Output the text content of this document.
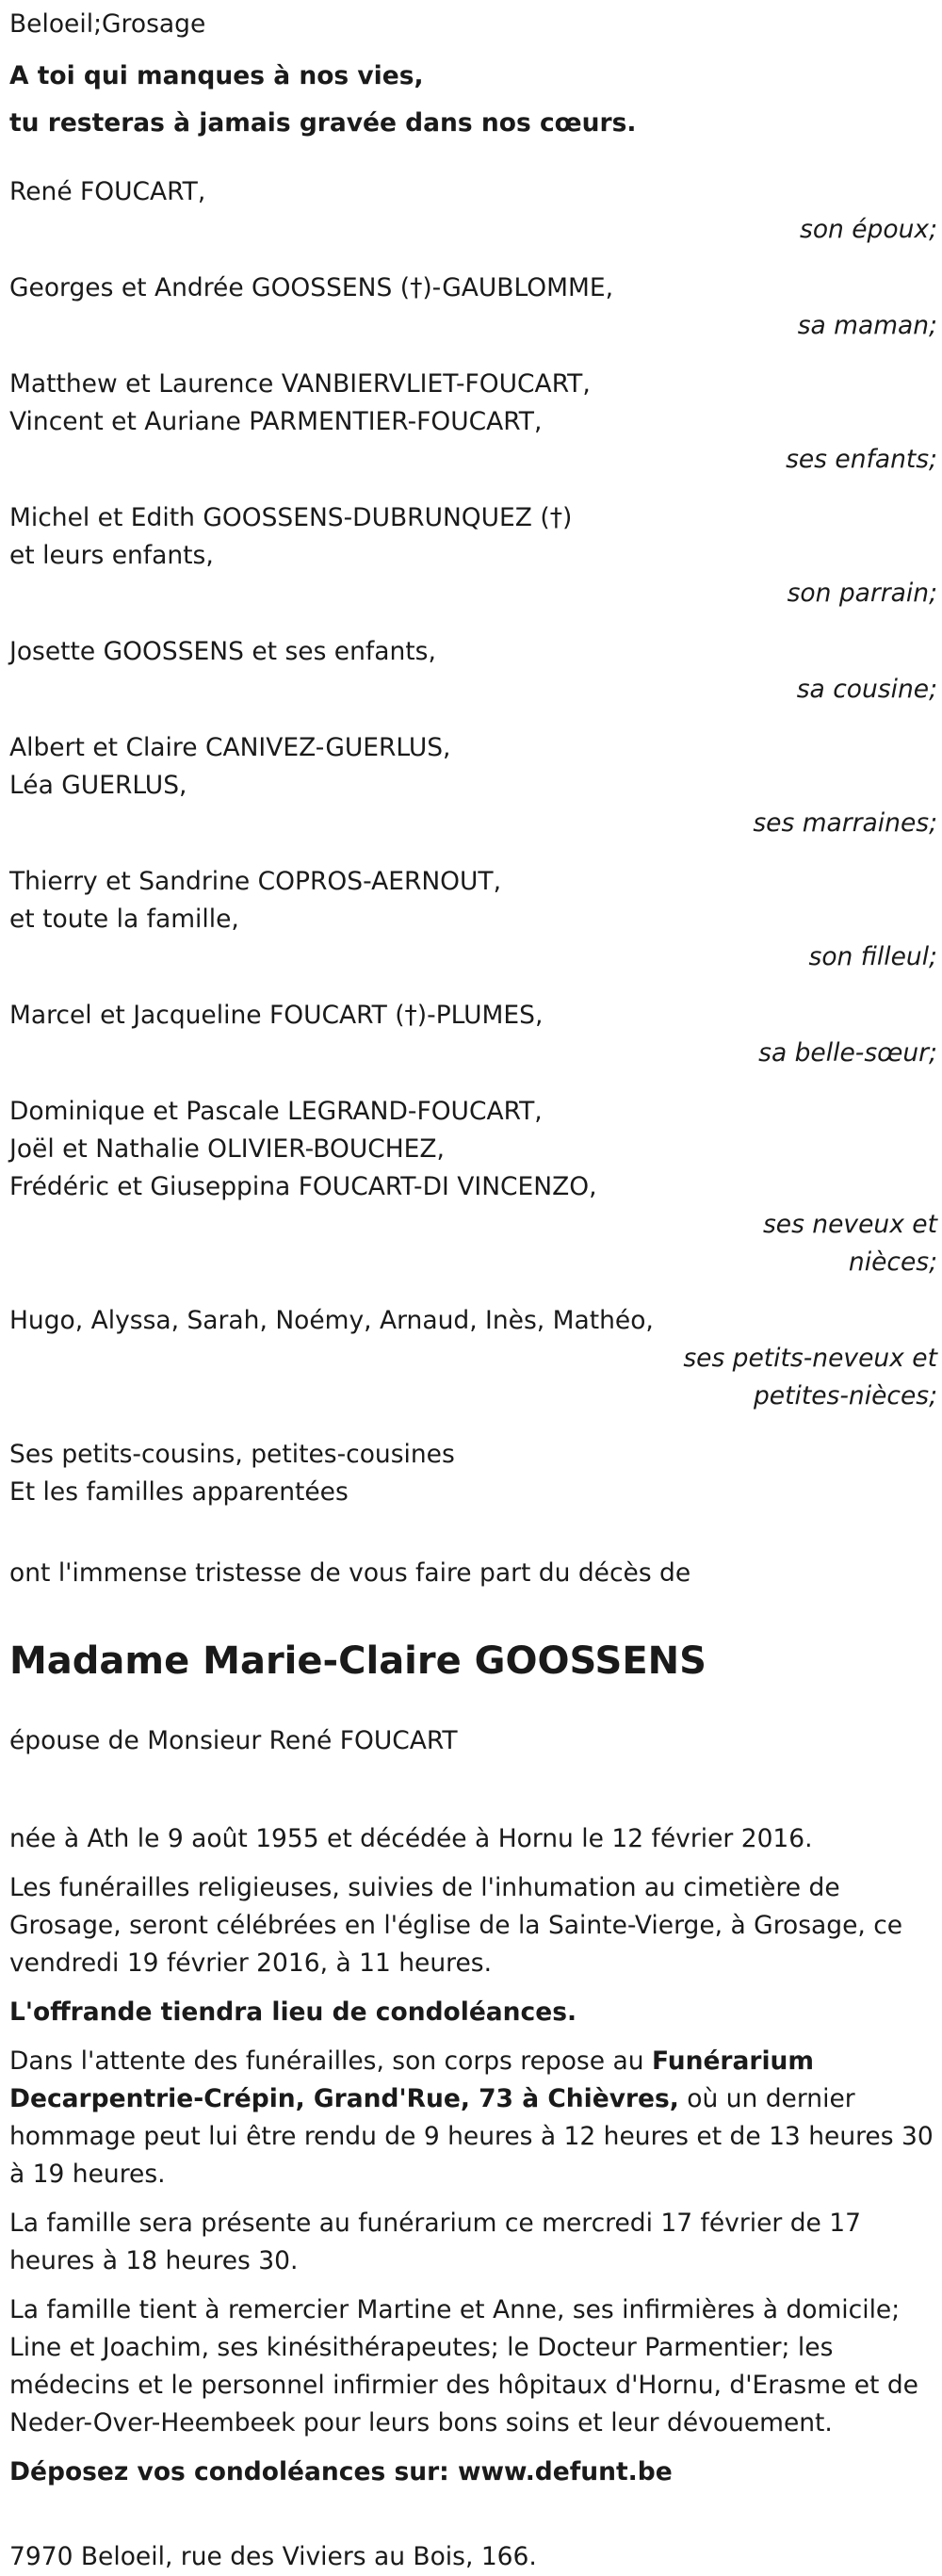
Beloeil;Grosage
A toi qui manques à nos vies,
tu resteras à jamais gravée dans nos cœurs.
René FOUCART,
son époux;
Georges et Andrée GOOSSENS (†)-GAUBLOMME,
sa maman;
Matthew et Laurence VANBIERVLIET-FOUCART,
Vincent et Auriane PARMENTIER-FOUCART,
ses enfants;
Michel et Edith GOOSSENS-DUBRUNQUEZ (†)
et leurs enfants,
son parrain;
Josette GOOSSENS et ses enfants,
sa cousine;
Albert et Claire CANIVEZ-GUERLUS,
Léa GUERLUS,
ses marraines;
Thierry et Sandrine COPROS-AERNOUT,
et toute la famille,
son filleul;
Marcel et Jacqueline FOUCART (†)-PLUMES,
sa belle-sœur;
Dominique et Pascale LEGRAND-FOUCART,
Joël et Nathalie OLIVIER-BOUCHEZ,
Frédéric et Giuseppina FOUCART-DI VINCENZO,
ses neveux et nièces;
Hugo, Alyssa, Sarah, Noémy, Arnaud, Inès, Mathéo,
ses petits-neveux et petites-nièces;
Ses petits-cousins, petites-cousines
Et les familles apparentées
ont l'immense tristesse de vous faire part du décès de
Madame Marie-Claire GOOSSENS

épouse de Monsieur René FOUCART

née à Ath le 9 août 1955 et décédée à Hornu le 12 février 2016.

Les funérailles religieuses, suivies de l'inhumation au cimetière de Grosage, seront célébrées en l'église de la Sainte-Vierge, à Grosage, ce vendredi 19 février 2016, à 11 heures.

L'offrande tiendra lieu de condoléances.

Dans l'attente des funérailles, son corps repose au Funérarium Decarpentrie-Crépin, Grand'Rue, 73 à Chièvres, où un dernier hommage peut lui être rendu de 9 heures à 12 heures et de 13 heures 30 à 19 heures.

La famille sera présente au funérarium ce mercredi 17 février de 17 heures à 18 heures 30.

La famille tient à remercier Martine et Anne, ses infirmières à domicile; Line et Joachim, ses kinésithérapeutes; le Docteur Parmentier; les médecins et le personnel infirmier des hôpitaux d'Hornu, d'Erasme et de Neder-Over-Heembeek pour leurs bons soins et leur dévouement.

Déposez vos condoléances sur: www.defunt.be

7970 Beloeil, rue des Viviers au Bois, 166.
